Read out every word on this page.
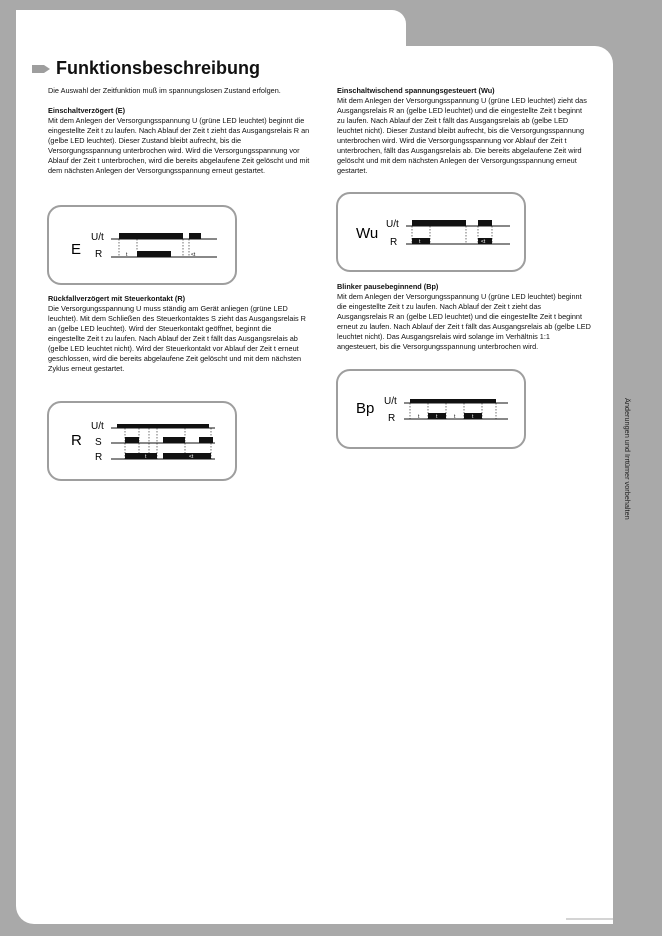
ODQ1
Funktionsbeschreibung

Die Auswahl der Zeitfunktion muß im spannungslosen Zustand erfolgen.

Einschaltverzögert (E)
Mit dem Anlegen der Versorgungsspannung U (grüne LED leuchtet) beginnt die eingestellte Zeit t zu laufen. Nach Ablauf der Zeit t zieht das Ausgangsrelais R an (gelbe LED leuchtet). Dieser Zustand bleibt aufrecht, bis die Versorgungsspannung unterbrochen wird. Wird die Versorgungsspannung vor Ablauf der Zeit t unterbrochen, wird die bereits abgelaufene Zeit gelöscht und mit dem nächsten Anlegen der Versorgungsspannung erneut gestartet.
Rückfallverzögert mit Steuerkontakt (R)
Die Versorgungsspannung U muss ständig am Gerät anliegen (grüne LED leuchtet). Mit dem Schließen des Steuerkontaktes S zieht das Ausgangsrelais R an (gelbe LED leuchtet). Wird der Steuerkontakt geöffnet, beginnt die eingestellte Zeit t zu laufen. Nach Ablauf der Zeit t fällt das Ausgangsrelais ab (gelbe LED leuchtet nicht). Wird der Steuerkontakt vor Ablauf der Zeit t erneut geschlossen, wird die bereits abgelaufene Zeit gelöscht und mit dem nächsten Zyklus erneut gestartet.
Einschaltwischend spannungsgesteuert (Wu)
Mit dem Anlegen der Versorgungsspannung U (grüne LED leuchtet) zieht das Ausgangsrelais R an (gelbe LED leuchtet) und die eingestellte Zeit t beginnt zu laufen. Nach Ablauf der Zeit t fällt das Ausgangsrelais ab (gelbe LED leuchtet nicht). Dieser Zustand bleibt aufrecht, bis die Versorgungsspannung unterbrochen wird. Wird die Versorgungsspannung vor Ablauf der Zeit t unterbrochen, fällt das Ausgangsrelais ab. Die bereits abgelaufene Zeit wird gelöscht und mit dem nächsten Anlegen der Versorgungsspannung erneut gestartet.
Blinker pausebeginnend (Bp)
Mit dem Anlegen der Versorgungsspannung U (grüne LED leuchtet) beginnt die eingestellte Zeit t zu laufen. Nach Ablauf der Zeit t zieht das Ausgangsrelais R an (gelbe LED leuchtet) und die eingestellte Zeit t beginnt erneut zu laufen. Nach Ablauf der Zeit t fällt das Ausgangsrelais ab (gelbe LED leuchtet nicht). Das Ausgangsrelais wird solange im Verhältnis 1:1 angesteuert, bis die Versorgungsspannung unterbrochen wird.
E
U/t
R	t	<t
R
U/t
S
R	t	<t
Wu
U/t
R	t	<t
Bp U/t
R	t	t	t	t	Änderungen und Irrtümer vorbehalten
